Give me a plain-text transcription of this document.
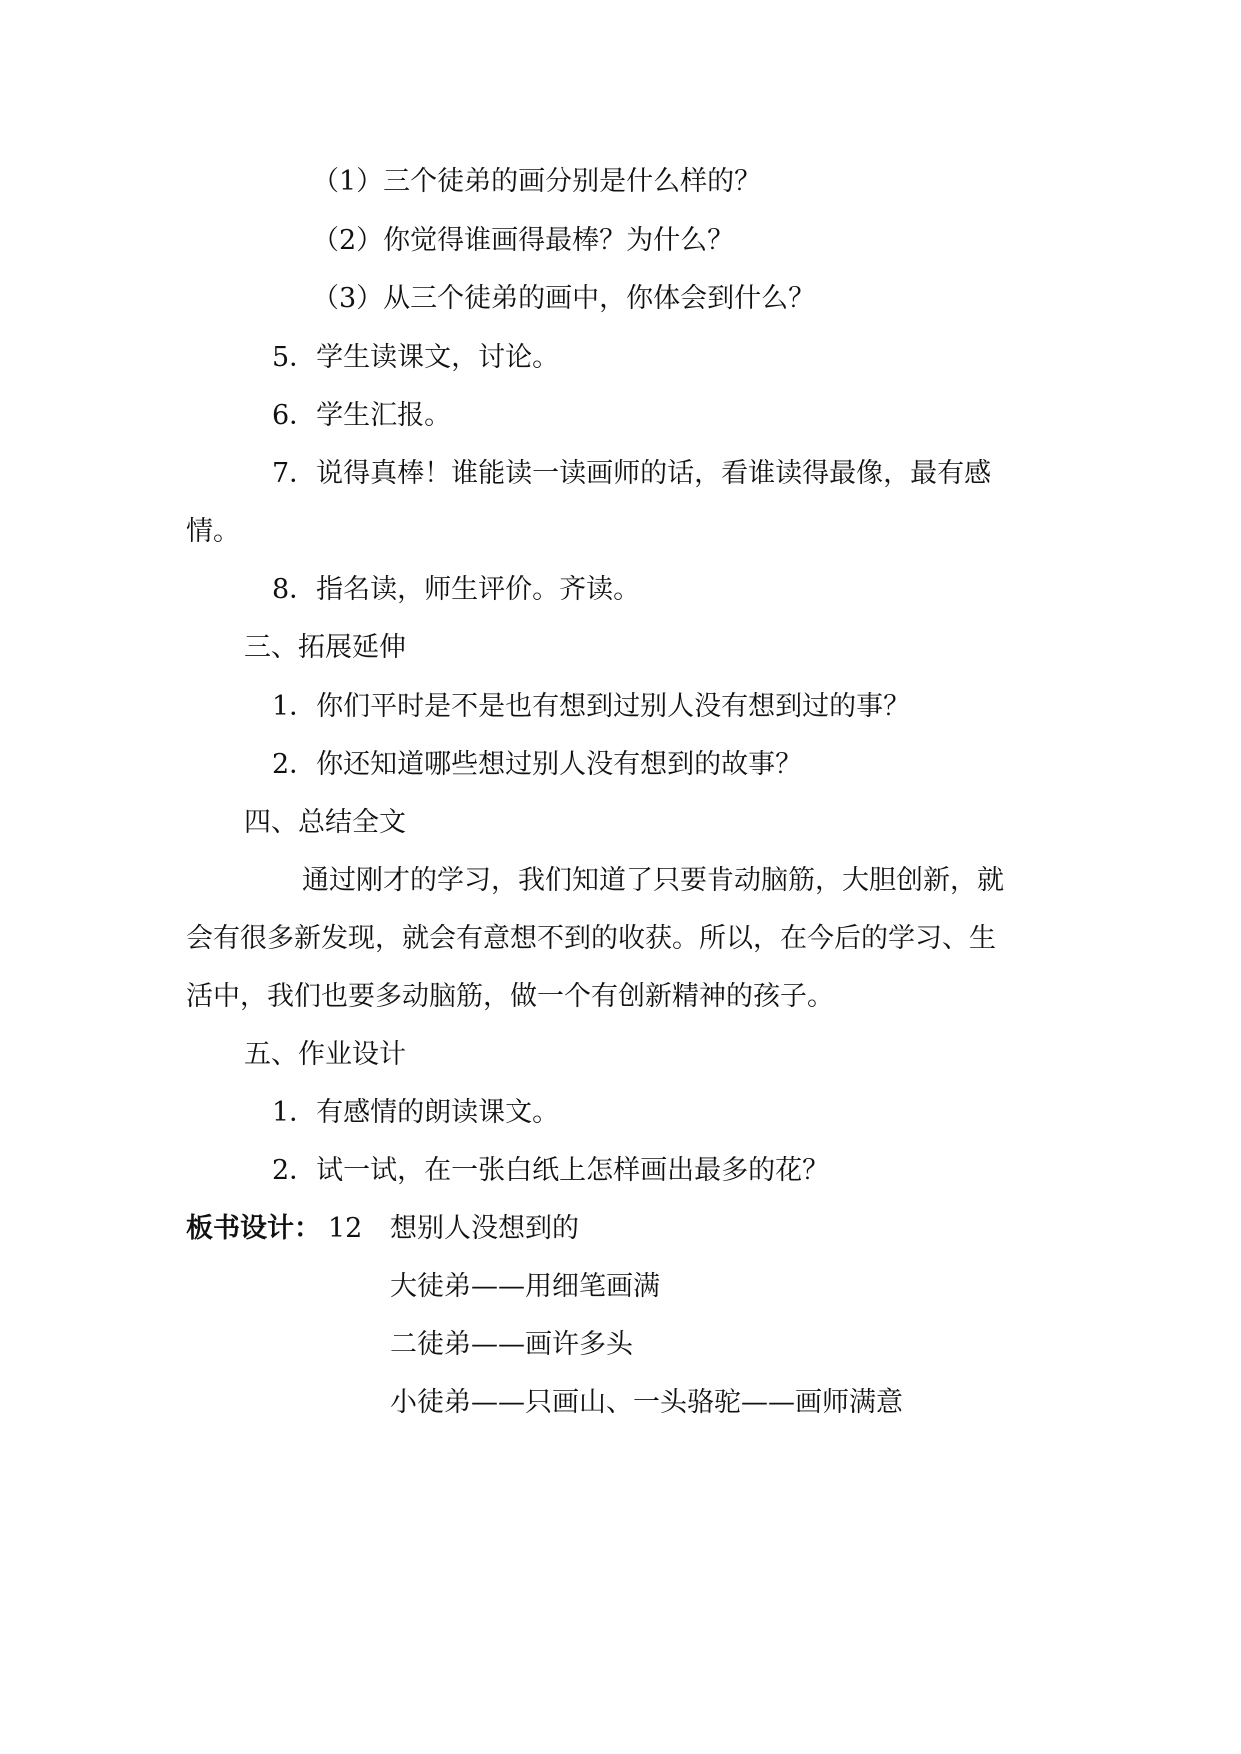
（1）三个徒弟的画分别是什么样的？
（2）你觉得谁画得最棒？为什么？
（3）从三个徒弟的画中，你体会到什么？
5．学生读课文，讨论。
6．学生汇报。
7．说得真棒！谁能读一读画师的话，看谁读得最像，最有感
情。
8．指名读，师生评价。齐读。
三、拓展延伸
1．你们平时是不是也有想到过别人没有想到过的事？
2．你还知道哪些想过别人没有想到的故事？
四、总结全文
通过刚才的学习，我们知道了只要肯动脑筋，大胆创新，就
会有很多新发现，就会有意想不到的收获。所以，在今后的学习、生
活中，我们也要多动脑筋，做一个有创新精神的孩子。
五、作业设计
1．有感情的朗读课文。
2．试一试，在一张白纸上怎样画出最多的花？
板书设计： 12 想别人没想到的
大徒弟——用细笔画满
二徒弟——画许多头
小徒弟——只画山、一头骆驼——画师满意
